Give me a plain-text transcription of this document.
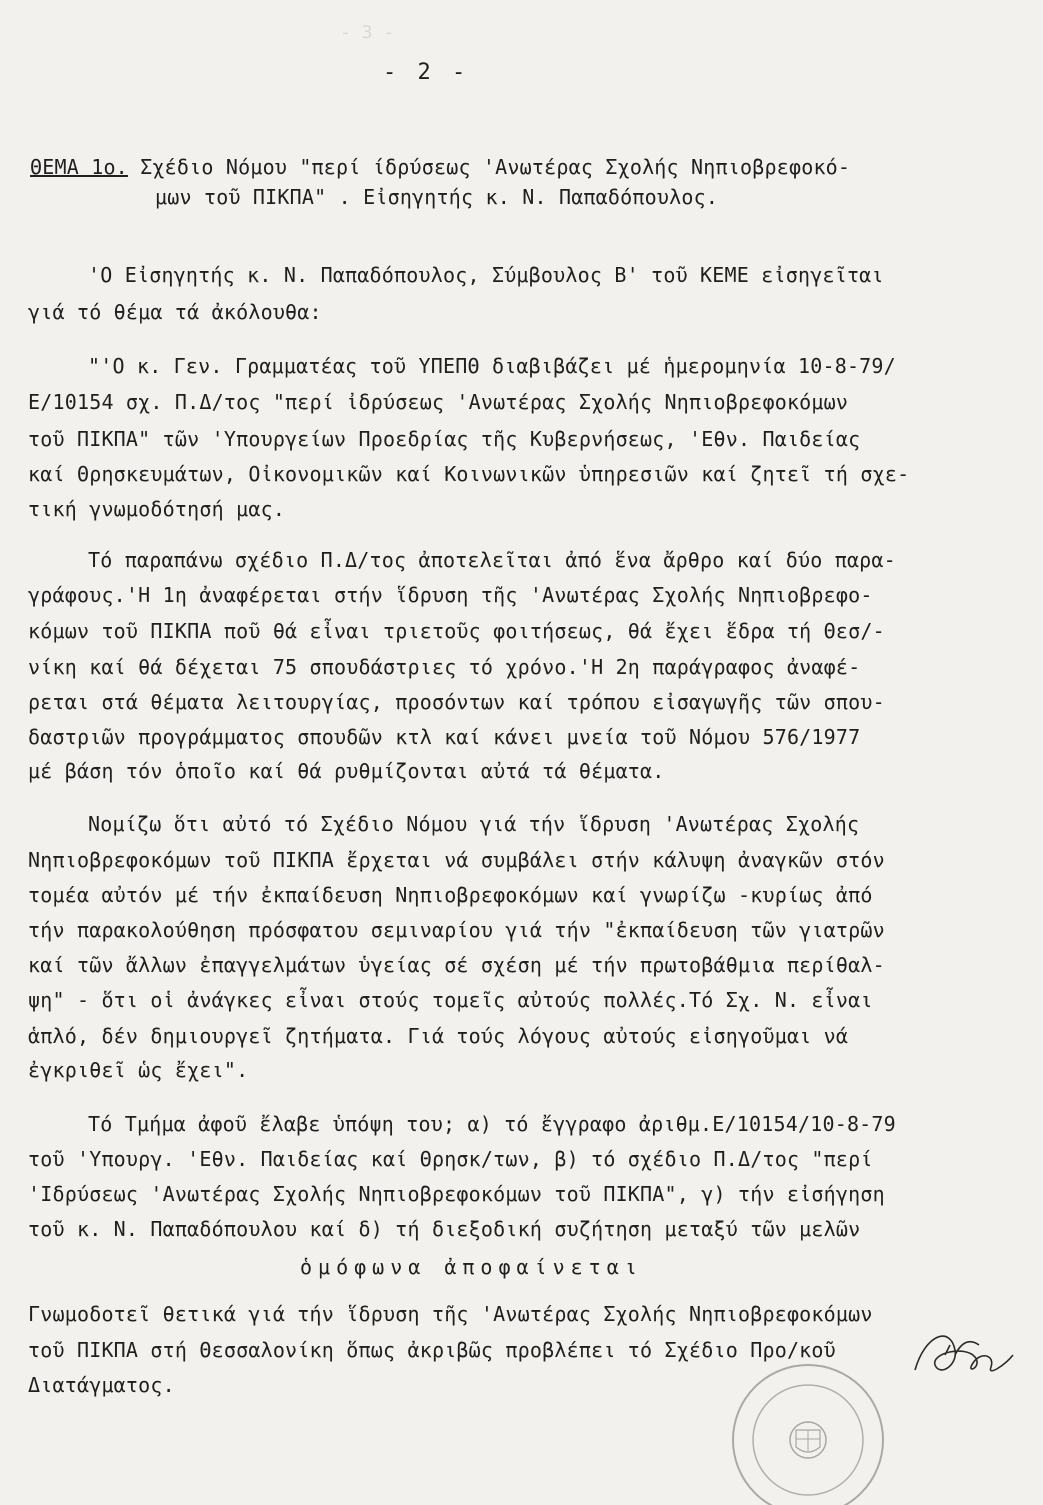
- 3 -
- 2 -
ΘΕΜΑ 1ο. Σχέδιο Νόμου "περί ίδρύσεως 'Ανωτέρας Σχολής Νηπιοβρεφοκό-
μων τοῦ ΠΙΚΠΑ" . Εἰσηγητής κ. Ν. Παπαδόπουλος.
'Ο Εἰσηγητής κ. Ν. Παπαδόπουλος, Σύμβουλος Β' τοῦ ΚΕΜΕ εἰσηγεῖται
γιά τό θέμα τά ἀκόλουθα:
"'Ο κ. Γεν. Γραμματέας τοῦ ΥΠΕΠΘ διαβιβάζει μέ ἡμερομηνία 10-8-79/
Ε/10154 σχ. Π.Δ/τος "περί ἰδρύσεως 'Ανωτέρας Σχολής Νηπιοβρεφοκόμων
τοῦ ΠΙΚΠΑ" τῶν 'Υπουργείων Προεδρίας τῆς Κυβερνήσεως, 'Εθν. Παιδείας
καί Θρησκευμάτων, Οἰκονομικῶν καί Κοινωνικῶν ὑπηρεσιῶν καί ζητεῖ τή σχε-
τική γνωμοδότησή μας.
Τό παραπάνω σχέδιο Π.Δ/τος ἀποτελεῖται ἀπό ἕνα ἄρθρο καί δύο παρα-
γράφους.'Η 1η ἀναφέρεται στήν ἵδρυση τῆς 'Ανωτέρας Σχολής Νηπιοβρεφο-
κόμων τοῦ ΠΙΚΠΑ ποῦ θά εἶναι τριετοῦς φοιτήσεως, θά ἔχει ἕδρα τή Θεσ/-
νίκη καί θά δέχεται 75 σπουδάστριες τό χρόνο.'Η 2η παράγραφος ἀναφέ-
ρεται στά θέματα λειτουργίας, προσόντων καί τρόπου εἰσαγωγῆς τῶν σπου-
δαστριῶν προγράμματος σπουδῶν κτλ καί κάνει μνεία τοῦ Νόμου 576/1977
μέ βάση τόν ὁποῖο καί θά ρυθμίζονται αὐτά τά θέματα.
Νομίζω ὅτι αὐτό τό Σχέδιο Νόμου γιά τήν ἵδρυση 'Ανωτέρας Σχολής
Νηπιοβρεφοκόμων τοῦ ΠΙΚΠΑ ἔρχεται νά συμβάλει στήν κάλυψη ἀναγκῶν στόν
τομέα αὐτόν μέ τήν ἐκπαίδευση Νηπιοβρεφοκόμων καί γνωρίζω -κυρίως ἀπό
τήν παρακολούθηση πρόσφατου σεμιναρίου γιά τήν "ἐκπαίδευση τῶν γιατρῶν
καί τῶν ἄλλων ἐπαγγελμάτων ὑγείας σέ σχέση μέ τήν πρωτοβάθμια περίθαλ-
ψη" - ὅτι οἱ ἀνάγκες εἶναι στούς τομεῖς αὐτούς πολλές.Τό Σχ. Ν. εἶναι
ἁπλό, δέν δημιουργεῖ ζητήματα. Γιά τούς λόγους αὐτούς εἰσηγοῦμαι νά
ἐγκριθεῖ ὡς ἔχει".
Τό Τμήμα ἀφοῦ ἔλαβε ὑπόψη του; α) τό ἔγγραφο ἀριθμ.Ε/10154/10-8-79
τοῦ 'Υπουργ. 'Εθν. Παιδείας καί Θρησκ/των, β) τό σχέδιο Π.Δ/τος "περί
'Ιδρύσεως 'Ανωτέρας Σχολής Νηπιοβρεφοκόμων τοῦ ΠΙΚΠΑ", γ) τήν εἰσήγηση
τοῦ κ. Ν. Παπαδόπουλου καί δ) τή διεξοδική συζήτηση μεταξύ τῶν μελῶν
ὁμόφωνα ἀποφαίνεται
Γνωμοδοτεῖ θετικά γιά τήν ἵδρυση τῆς 'Ανωτέρας Σχολής Νηπιοβρεφοκόμων
τοῦ ΠΙΚΠΑ στή Θεσσαλονίκη ὅπως ἀκριβῶς προβλέπει τό Σχέδιο Προ/κοῦ
Διατάγματος.
